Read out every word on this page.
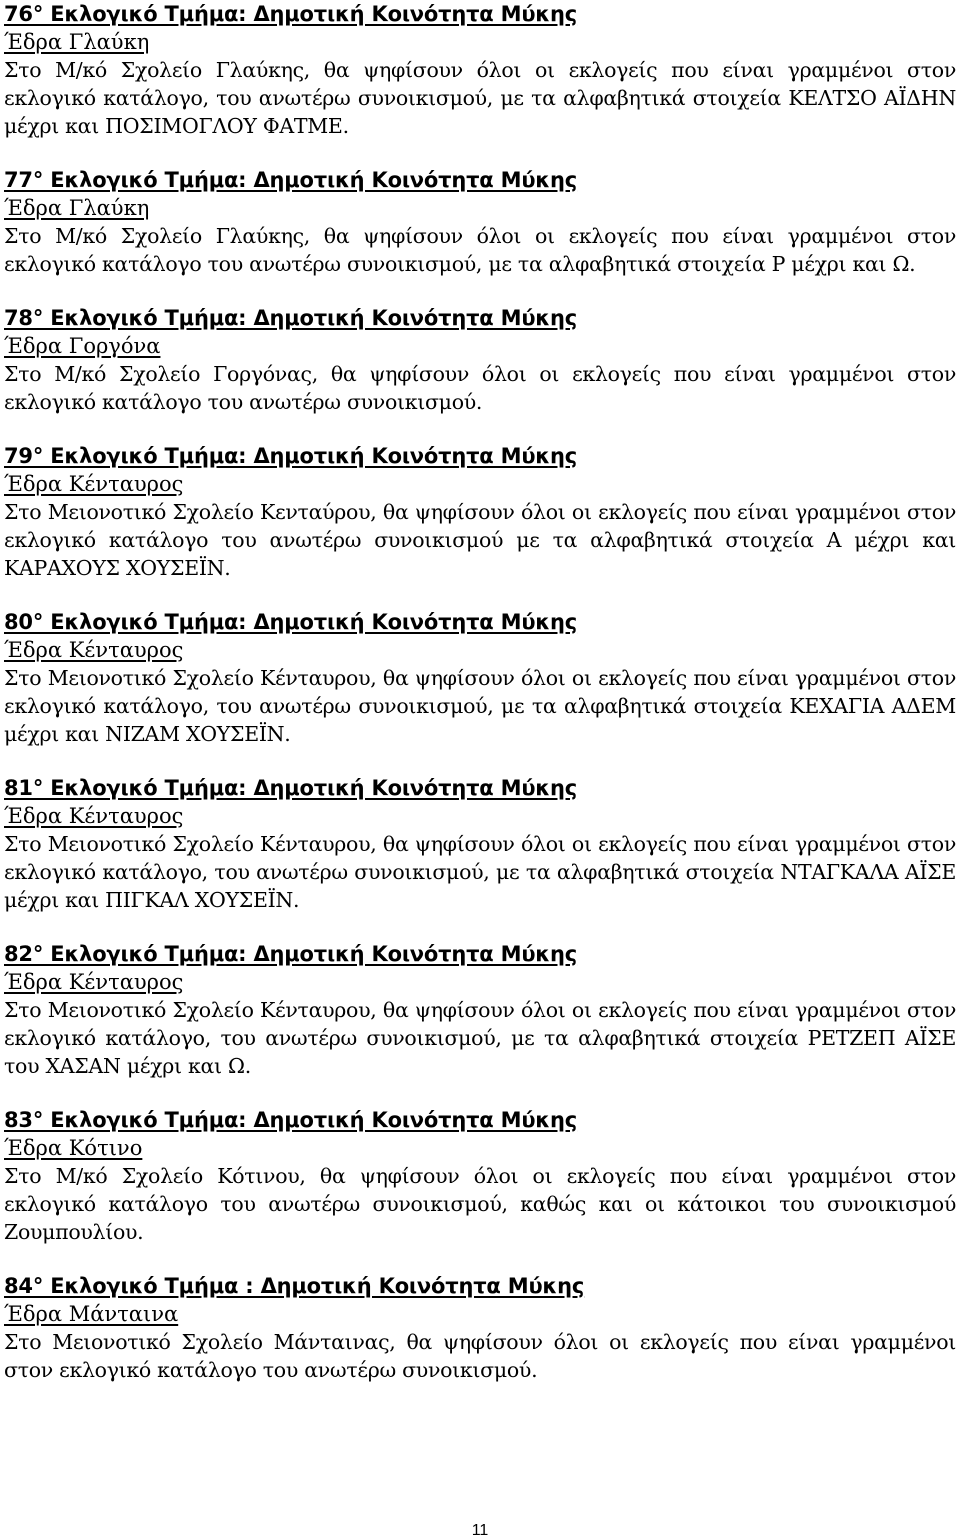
76° Εκλογικό Τμήμα: Δημοτική Κοινότητα Μύκης
Έδρα Γλαύκη
Στο Μ/κό Σχολείο Γλαύκης, θα ψηφίσουν όλοι οι εκλογείς που είναι γραμμένοι στον εκλογικό κατάλογο, του ανωτέρω συνοικισμού, με τα αλφαβητικά στοιχεία ΚΕΛΤΣΟ ΑΪΔΗΝ μέχρι και ΠΟΣΙΜΟΓΛΟΥ ΦΑΤΜΕ.
77° Εκλογικό Τμήμα: Δημοτική Κοινότητα Μύκης
Έδρα Γλαύκη
Στο Μ/κό Σχολείο Γλαύκης, θα ψηφίσουν όλοι οι εκλογείς που είναι γραμμένοι στον εκλογικό κατάλογο του ανωτέρω συνοικισμού, με τα αλφαβητικά στοιχεία Ρ μέχρι και Ω.
78° Εκλογικό Τμήμα: Δημοτική Κοινότητα Μύκης
Έδρα Γοργόνα
Στο Μ/κό Σχολείο Γοργόνας, θα ψηφίσουν όλοι οι εκλογείς που είναι γραμμένοι στον εκλογικό κατάλογο του ανωτέρω συνοικισμού.
79° Εκλογικό Τμήμα: Δημοτική Κοινότητα Μύκης
Έδρα Κένταυρος
Στο Μειονοτικό Σχολείο Κενταύρου, θα ψηφίσουν όλοι οι εκλογείς που είναι γραμμένοι στον εκλογικό κατάλογο του ανωτέρω συνοικισμού με τα αλφαβητικά στοιχεία Α μέχρι και ΚΑΡΑΧΟΥΣ ΧΟΥΣΕΪΝ.
80° Εκλογικό Τμήμα: Δημοτική Κοινότητα Μύκης
Έδρα Κένταυρος
Στο Μειονοτικό Σχολείο Κένταυρου, θα ψηφίσουν όλοι οι εκλογείς που είναι γραμμένοι στον εκλογικό κατάλογο, του ανωτέρω συνοικισμού, με τα αλφαβητικά στοιχεία ΚΕΧΑΓΙΑ ΑΔΕΜ μέχρι και ΝΙΖΑΜ ΧΟΥΣΕΪΝ.
81° Εκλογικό Τμήμα: Δημοτική Κοινότητα Μύκης
Έδρα Κένταυρος
Στο Μειονοτικό Σχολείο Κένταυρου, θα ψηφίσουν όλοι οι εκλογείς που είναι γραμμένοι στον εκλογικό κατάλογο, του ανωτέρω συνοικισμού, με τα αλφαβητικά στοιχεία ΝΤΑΓΚΑΛΑ ΑΪΣΕ μέχρι και ΠΙΓΚΑΛ ΧΟΥΣΕΪΝ.
82° Εκλογικό Τμήμα: Δημοτική Κοινότητα Μύκης
Έδρα Κένταυρος
Στο Μειονοτικό Σχολείο Κένταυρου, θα ψηφίσουν όλοι οι εκλογείς που είναι γραμμένοι στον εκλογικό κατάλογο, του ανωτέρω συνοικισμού, με τα αλφαβητικά στοιχεία ΡΕΤΖΕΠ ΑΪΣΕ του ΧΑΣΑΝ μέχρι και Ω.
83° Εκλογικό Τμήμα: Δημοτική Κοινότητα Μύκης
Έδρα Κότινο
Στο Μ/κό Σχολείο Κότινου, θα ψηφίσουν όλοι οι εκλογείς που είναι γραμμένοι στον εκλογικό κατάλογο του ανωτέρω συνοικισμού, καθώς και οι κάτοικοι του συνοικισμού Ζουμπουλίου.
84° Εκλογικό Τμήμα : Δημοτική Κοινότητα Μύκης
Έδρα Μάνταινα
Στο Μειονοτικό Σχολείο Μάνταινας, θα ψηφίσουν όλοι οι εκλογείς που είναι γραμμένοι στον εκλογικό κατάλογο του ανωτέρω συνοικισμού.
11
